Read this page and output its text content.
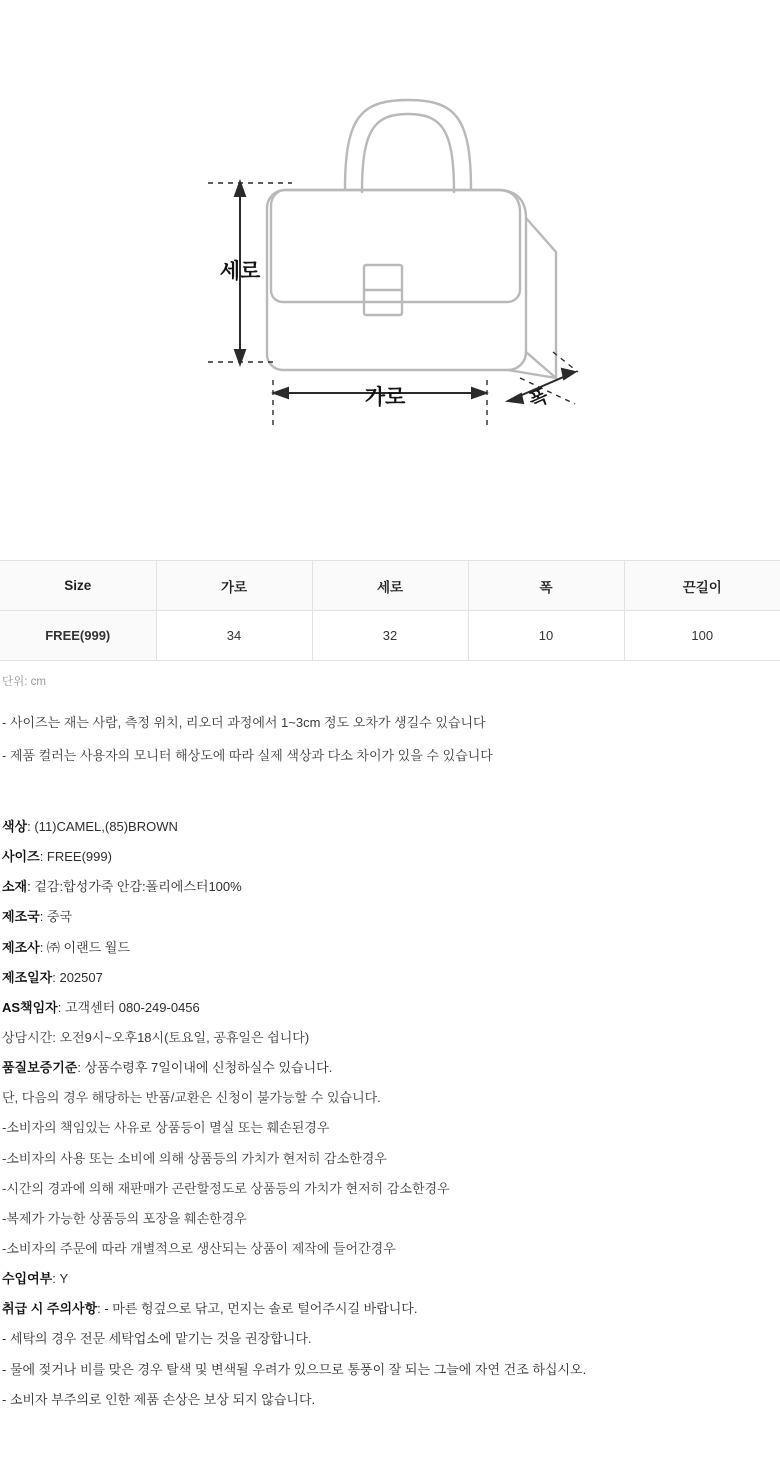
세로
가로	폭
Size	가로	세로	폭	끈길이
FREE(999)	34	32	10	100
단위: cm

- 사이즈는 재는 사람, 측정 위치, 리오더 과정에서 1~3cm 정도 오차가 생길수 있습니다

- 제품 컬러는 사용자의 모니터 해상도에 따라 실제 색상과 다소 차이가 있을 수 있습니다

색상: (11)CAMEL,(85)BROWN

사이즈: FREE(999)

소재: 겉감:합성가죽 안감:폴리에스터100%

제조국: 중국

제조사: ㈜ 이랜드 월드

제조일자: 202507

AS책임자: 고객센터 080-249-0456

상담시간: 오전9시~오후18시(토요일, 공휴일은 쉽니다)

품질보증기준: 상품수령후 7일이내에 신청하실수 있습니다.

단, 다음의 경우 해당하는 반품/교환은 신청이 불가능할 수 있습니다.

-소비자의 책임있는 사유로 상품등이 멸실 또는 훼손된경우

-소비자의 사용 또는 소비에 의해 상품등의 가치가 현저히 감소한경우

-시간의 경과에 의해 재판매가 곤란할정도로 상품등의 가치가 현저히 감소한경우

-복제가 가능한 상품등의 포장을 훼손한경우

-소비자의 주문에 따라 개별적으로 생산되는 상품이 제작에 들어간경우

수입여부: Y

취급 시 주의사항: - 마른 헝겊으로 닦고, 먼지는 솔로 털어주시길 바랍니다.

- 세탁의 경우 전문 세탁업소에 맡기는 것을 권장합니다.

- 물에 젖거나 비를 맞은 경우 탈색 및 변색될 우려가 있으므로 통풍이 잘 되는 그늘에 자연 건조 하십시오.

- 소비자 부주의로 인한 제품 손상은 보상 되지 않습니다.
